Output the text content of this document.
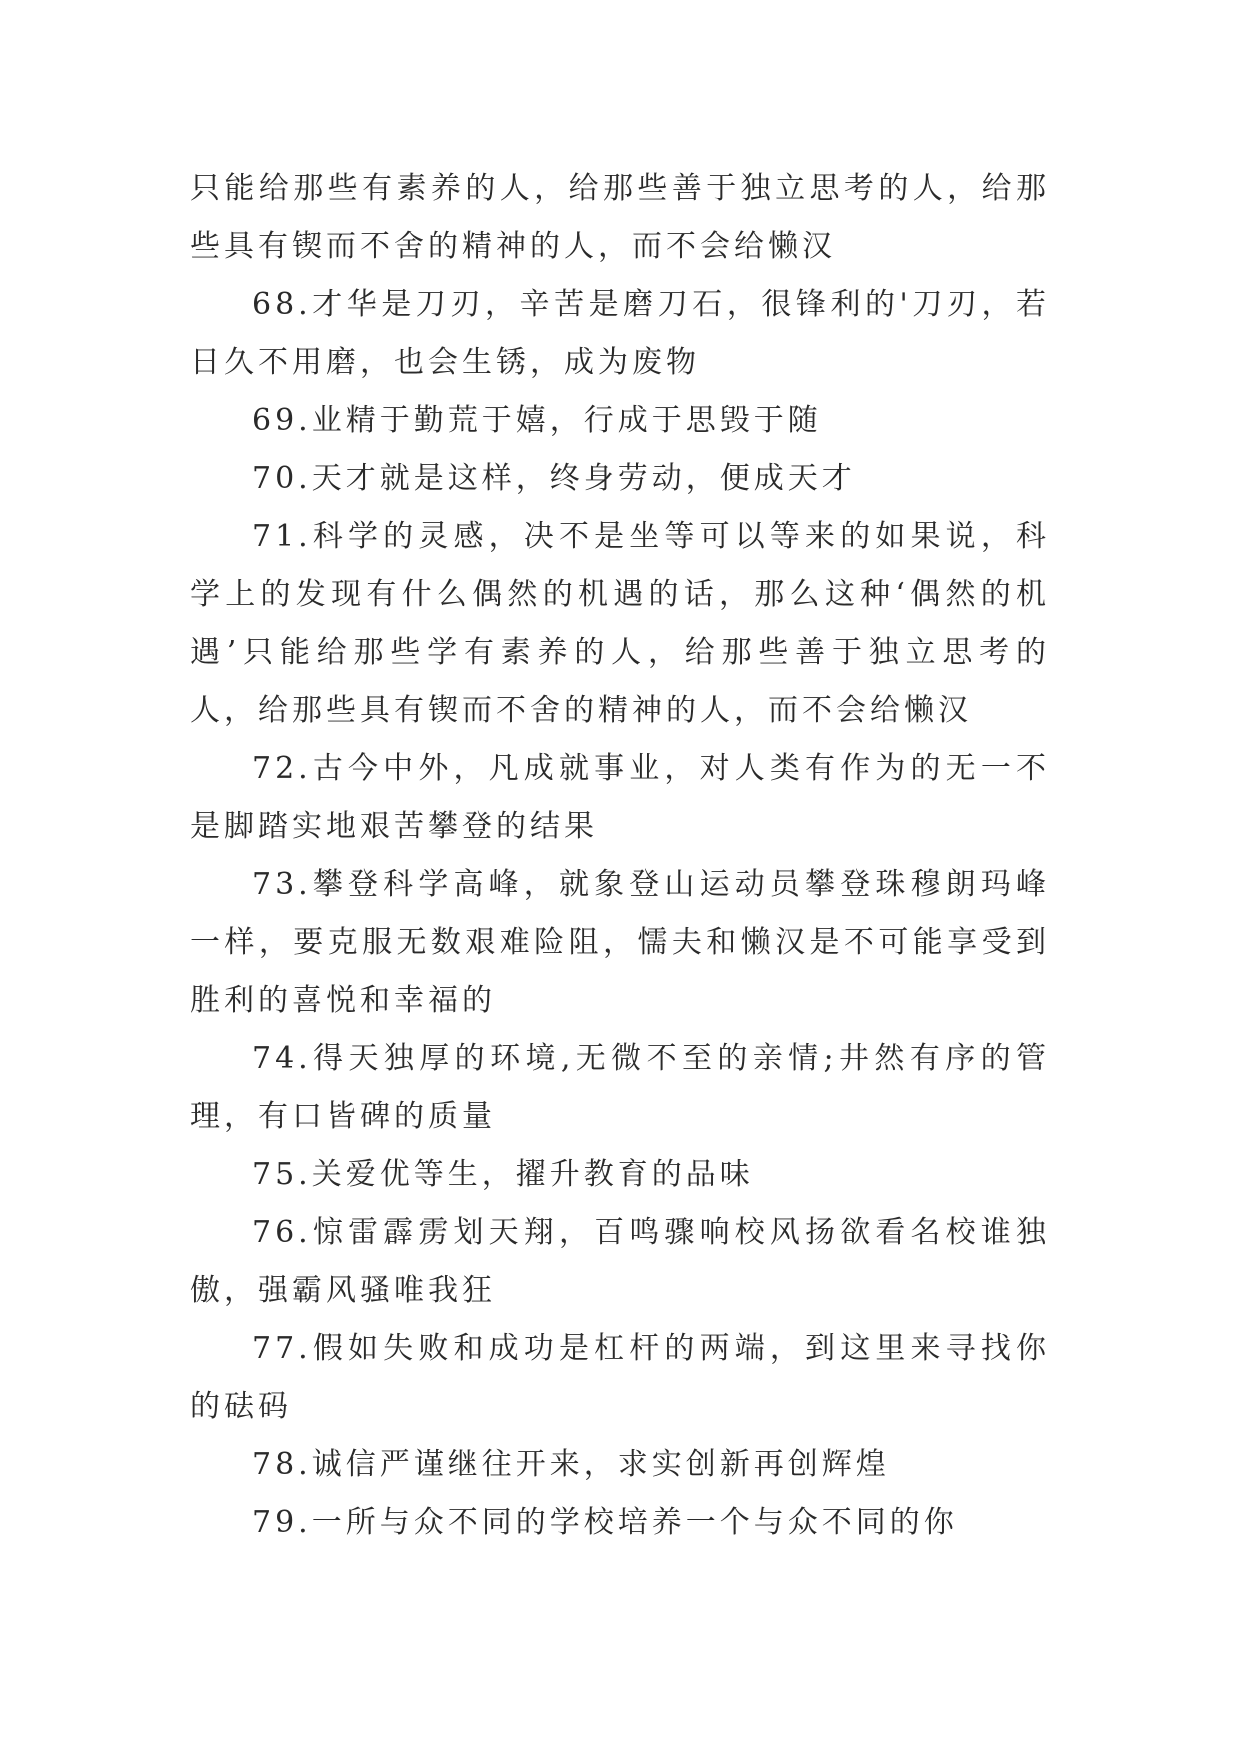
只能给那些有素养的人，给那些善于独立思考的人，给那些具有锲而不舍的精神的人，而不会给懒汉

68.才华是刀刃，辛苦是磨刀石，很锋利的'刀刃，若日久不用磨，也会生锈，成为废物

69.业精于勤荒于嬉，行成于思毁于随

70.天才就是这样，终身劳动，便成天才

71.科学的灵感，决不是坐等可以等来的如果说，科学上的发现有什么偶然的机遇的话，那么这种‘偶然的机遇’只能给那些学有素养的人，给那些善于独立思考的人，给那些具有锲而不舍的精神的人，而不会给懒汉

72.古今中外，凡成就事业，对人类有作为的无一不是脚踏实地艰苦攀登的结果

73.攀登科学高峰，就象登山运动员攀登珠穆朗玛峰一样，要克服无数艰难险阻，懦夫和懒汉是不可能享受到胜利的喜悦和幸福的

74.得天独厚的环境,无微不至的亲情;井然有序的管理，有口皆碑的质量

75.关爱优等生，擢升教育的品味

76.惊雷霹雳划天翔，百鸣骤响校风扬欲看名校谁独傲，强霸风骚唯我狂

77.假如失败和成功是杠杆的两端，到这里来寻找你的砝码

78.诚信严谨继往开来，求实创新再创辉煌

79.一所与众不同的学校培养一个与众不同的你
